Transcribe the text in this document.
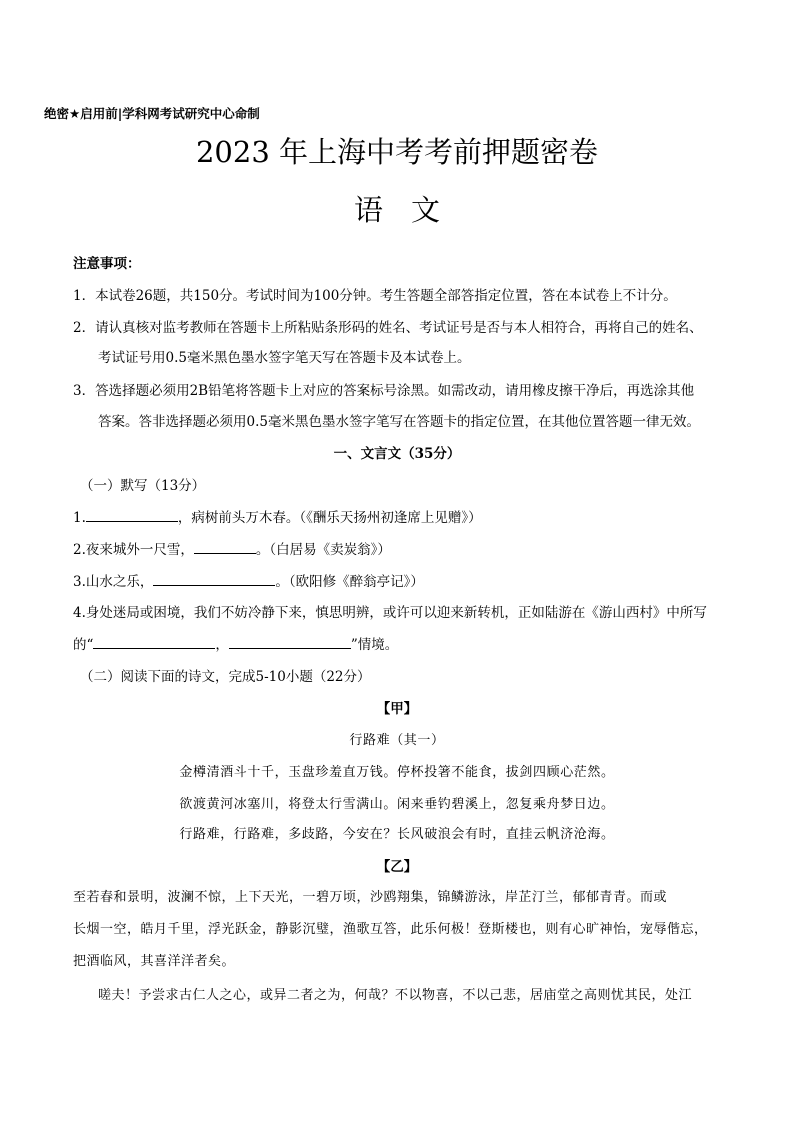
绝密★启用前|学科网考试研究中心命制
2023 年上海中考考前押题密卷
语文
注意事项：
1．本试卷26题，共150分。考试时间为100分钟。考生答题全部答指定位置，答在本试卷上不计分。
2．请认真核对监考教师在答题卡上所粘贴条形码的姓名、考试证号是否与本人相符合，再将自己的姓名、
考试证号用0.5毫米黑色墨水签字笔天写在答题卡及本试卷上。
3．答选择题必须用2B铅笔将答题卡上对应的答案标号涂黑。如需改动，请用橡皮擦干净后，再选涂其他
答案。答非选择题必须用0.5毫米黑色墨水签字笔写在答题卡的指定位置，在其他位置答题一律无效。
一、文言文（35分）
（一）默写（13分）
1.	，病树前头万木春。（《酬乐天扬州初逢席上见赠》）
2.夜来城外一尺雪，	。（白居易《卖炭翁》）
3.山水之乐，	。（欧阳修《醉翁亭记》）
4.身处迷局或困境，我们不妨冷静下来，慎思明辨，或许可以迎来新转机，正如陆游在《游山西村》中所写
的“	，	”情境。
（二）阅读下面的诗文，完成5-10小题（22分）
【甲】
行路难（其一）
金樽清酒斗十千，玉盘珍羞直万钱。停杯投箸不能食，拔剑四顾心茫然。
欲渡黄河冰塞川，将登太行雪满山。闲来垂钓碧溪上，忽复乘舟梦日边。
行路难，行路难，多歧路，今安在？长风破浪会有时，直挂云帆济沧海。
【乙】
至若春和景明，波澜不惊，上下天光，一碧万顷，沙鸥翔集，锦鳞游泳，岸芷汀兰，郁郁青青。而或
长烟一空，皓月千里，浮光跃金，静影沉璧，渔歌互答，此乐何极！登斯楼也，则有心旷神怡，宠辱偕忘，
把酒临风，其喜洋洋者矣。
嗟夫！予尝求古仁人之心，或异二者之为，何哉？不以物喜，不以己悲，居庙堂之高则忧其民，处江
